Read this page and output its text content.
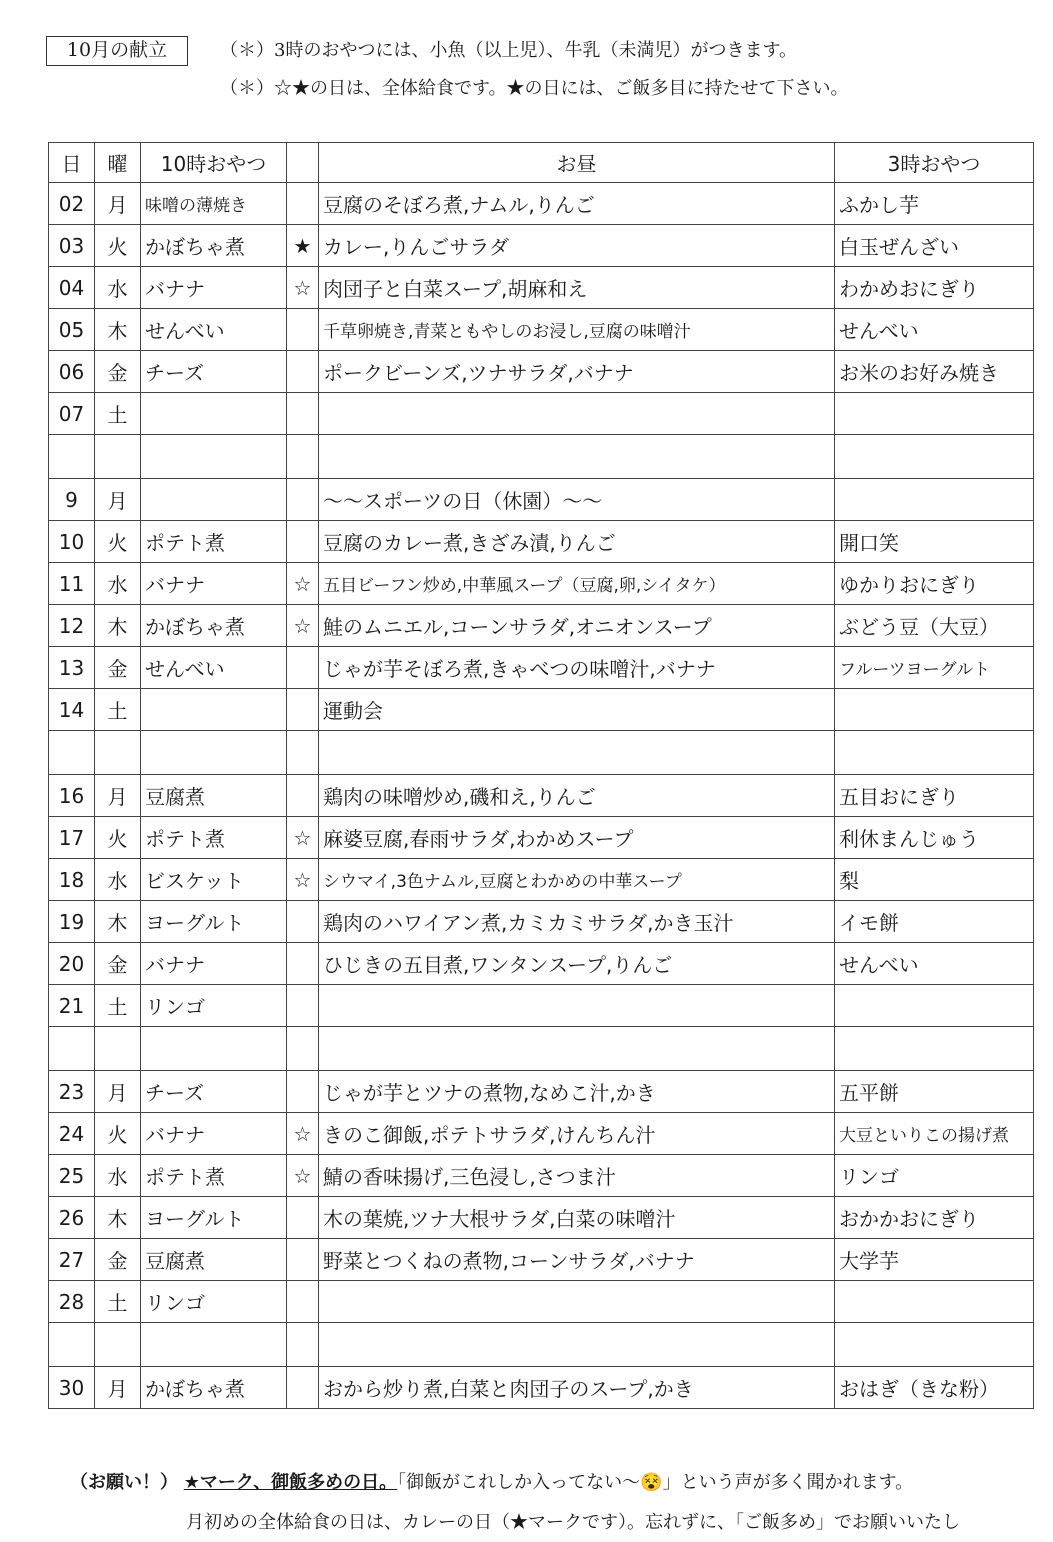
10月の献立	（＊）3時のおやつには、小魚（以上児）、牛乳（未満児）がつきます。
（＊）☆★の日は、全体給食です。★の日には、ご飯多目に持たせて下さい。
日	曜	10時おやつ		お昼	3時おやつ
02	月	味噌の薄焼き		豆腐のそぼろ煮,ナムル,りんご	ふかし芋
03	火	かぼちゃ煮	★	カレー,りんごサラダ	白玉ぜんざい
04	水	バナナ	☆	肉団子と白菜スープ,胡麻和え	わかめおにぎり
05	木	せんべい		千草卵焼き,青菜ともやしのお浸し,豆腐の味噌汁	せんべい
06	金	チーズ		ポークビーンズ,ツナサラダ,バナナ	お米のお好み焼き
07	土				

9	月			～～スポーツの日（休園）～～	
10	火	ポテト煮		豆腐のカレー煮,きざみ漬,りんご	開口笑
11	水	バナナ	☆	五目ビーフン炒め,中華風スープ（豆腐,卵,シイタケ）	ゆかりおにぎり
12	木	かぼちゃ煮	☆	鮭のムニエル,コーンサラダ,オニオンスープ	ぶどう豆（大豆）
13	金	せんべい		じゃが芋そぼろ煮,きゃべつの味噌汁,バナナ	フルーツヨーグルト
14	土			運動会	

16	月	豆腐煮		鶏肉の味噌炒め,磯和え,りんご	五目おにぎり
17	火	ポテト煮	☆	麻婆豆腐,春雨サラダ,わかめスープ	利休まんじゅう
18	水	ビスケット	☆	シウマイ,3色ナムル,豆腐とわかめの中華スープ	梨
19	木	ヨーグルト		鶏肉のハワイアン煮,カミカミサラダ,かき玉汁	イモ餅
20	金	バナナ		ひじきの五目煮,ワンタンスープ,りんご	せんべい
21	土	リンゴ			

23	月	チーズ		じゃが芋とツナの煮物,なめこ汁,かき	五平餅
24	火	バナナ	☆	きのこ御飯,ポテトサラダ,けんちん汁	大豆といりこの揚げ煮
25	水	ポテト煮	☆	鯖の香味揚げ,三色浸し,さつま汁	リンゴ
26	木	ヨーグルト		木の葉焼,ツナ大根サラダ,白菜の味噌汁	おかかおにぎり
27	金	豆腐煮		野菜とつくねの煮物,コーンサラダ,バナナ	大学芋
28	土	リンゴ			

30	月	かぼちゃ煮		おから炒り煮,白菜と肉団子のスープ,かき	おはぎ（きな粉）
（お願い！） ★マーク、御飯多めの日。「御飯がこれしか入ってない～😵」という声が多く聞かれます。
月初めの全体給食の日は、カレーの日（★マークです）。忘れずに、「ご飯多め」でお願いいたし
